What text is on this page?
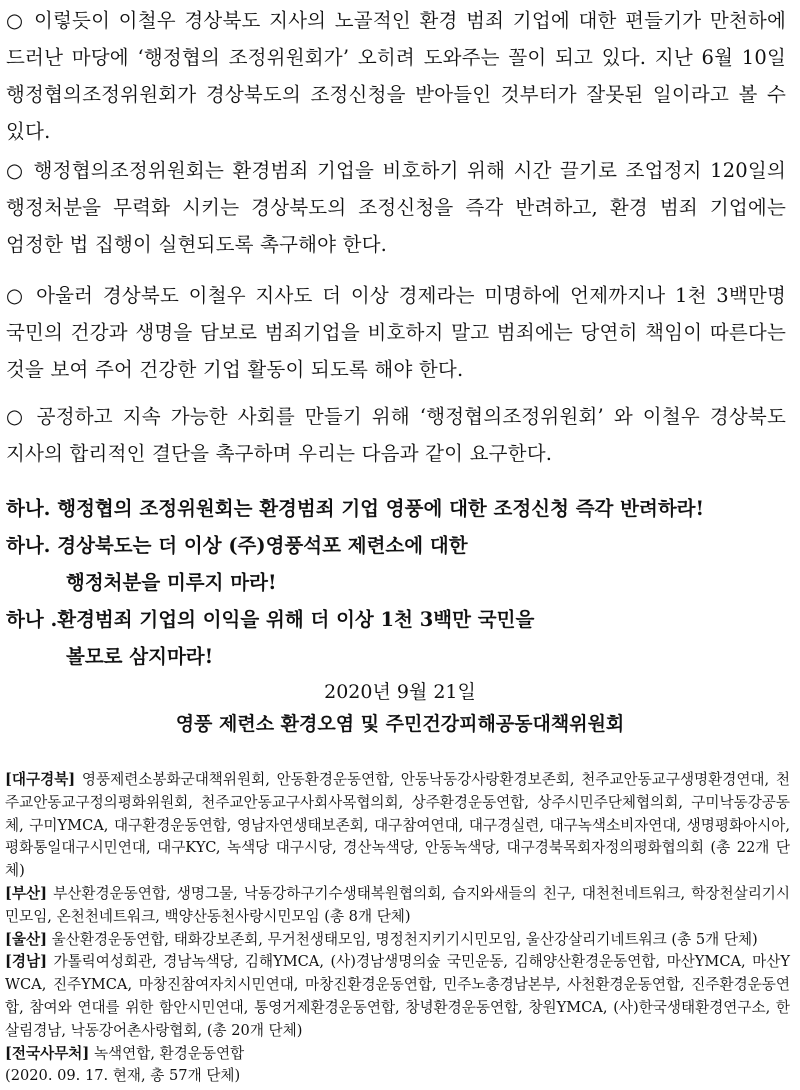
○ 이렇듯이 이철우 경상북도 지사의 노골적인 환경 범죄 기업에 대한 편들기가 만천하에 드러난 마당에 ‘행정협의 조정위원회가’ 오히려 도와주는 꼴이 되고 있다. 지난 6월 10일 행정협의조정위원회가 경상북도의 조정신청을 받아들인 것부터가 잘못된 일이라고 볼 수 있다.

○ 행정협의조정위원회는 환경범죄 기업을 비호하기 위해 시간 끌기로 조업정지 120일의 행정처분을 무력화 시키는 경상북도의 조정신청을 즉각 반려하고, 환경 범죄 기업에는 엄정한 법 집행이 실현되도록 촉구해야 한다.

○ 아울러 경상북도 이철우 지사도 더 이상 경제라는 미명하에 언제까지나 1천 3백만명 국민의 건강과 생명을 담보로 범죄기업을 비호하지 말고 범죄에는 당연히 책임이 따른다는 것을 보여 주어 건강한 기업 활동이 되도록 해야 한다.

○ 공정하고 지속 가능한 사회를 만들기 위해 ‘행정협의조정위원회’ 와 이철우 경상북도 지사의 합리적인 결단을 촉구하며 우리는 다음과 같이 요구한다.

하나. 행정협의 조정위원회는 환경범죄 기업 영풍에 대한 조정신청 즉각 반려하라!
하나. 경상북도는 더 이상 (주)영풍석포 제련소에 대한
행정처분을 미루지 마라!
하나 .환경범죄 기업의 이익을 위해 더 이상 1천 3백만 국민을
볼모로 삼지마라!
2020년 9월 21일
영풍 제련소 환경오염 및 주민건강피해공동대책위원회
[대구경북] 영풍제련소봉화군대책위원회, 안동환경운동연합, 안동낙동강사랑환경보존회, 천주교안동교구생명환경연대, 천주교안동교구정의평화위원회, 천주교안동교구사회사목협의회, 상주환경운동연합, 상주시민주단체협의회, 구미낙동강공동체, 구미YMCA, 대구환경운동연합, 영남자연생태보존회, 대구참여연대, 대구경실련, 대구녹색소비자연대, 생명평화아시아, 평화통일대구시민연대, 대구KYC, 녹색당 대구시당, 경산녹색당, 안동녹색당, 대구경북목회자정의평화협의회 (총 22개 단체)
[부산] 부산환경운동연합, 생명그물, 낙동강하구기수생태복원협의회, 습지와새들의 친구, 대천천네트워크, 학장천살리기시민모임, 온천천네트워크, 백양산동천사랑시민모임 (총 8개 단체)
[울산] 울산환경운동연합, 태화강보존회, 무거천생태모임, 명정천지키기시민모임, 울산강살리기네트워크 (총 5개 단체)
[경남] 가톨릭여성회관, 경남녹색당, 김해YMCA, (사)경남생명의숲 국민운동, 김해양산환경운동연합, 마산YMCA, 마산YWCA, 진주YMCA, 마창진참여자치시민연대, 마창진환경운동연합, 민주노총경남본부, 사천환경운동연합, 진주환경운동연합, 참여와 연대를 위한 함안시민연대, 통영거제환경운동연합, 창녕환경운동연합, 창원YMCA, (사)한국생태환경연구소, 한살림경남, 낙동강어촌사랑협회, (총 20개 단체)
[전국사무처] 녹색연합, 환경운동연합
(2020. 09. 17. 현재, 총 57개 단체)
